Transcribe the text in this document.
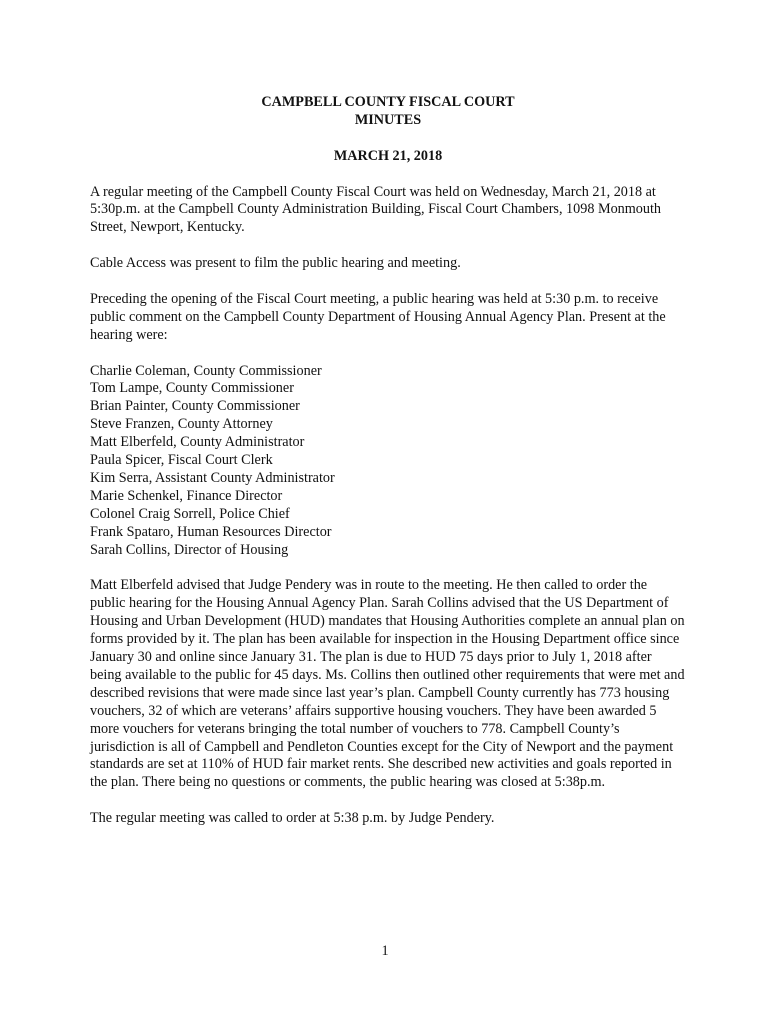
CAMPBELL COUNTY FISCAL COURT
MINUTES
MARCH 21, 2018

A regular meeting of the Campbell County Fiscal Court was held on Wednesday, March 21, 2018 at 5:30p.m. at the Campbell County Administration Building, Fiscal Court Chambers, 1098 Monmouth Street, Newport, Kentucky.

Cable Access was present to film the public hearing and meeting.

Preceding the opening of the Fiscal Court meeting, a public hearing was held at 5:30 p.m. to receive public comment on the Campbell County Department of Housing Annual Agency Plan. Present at the hearing were:

Charlie Coleman, County Commissioner
Tom Lampe, County Commissioner
Brian Painter, County Commissioner
Steve Franzen, County Attorney
Matt Elberfeld, County Administrator
Paula Spicer, Fiscal Court Clerk
Kim Serra, Assistant County Administrator
Marie Schenkel, Finance Director
Colonel Craig Sorrell, Police Chief
Frank Spataro, Human Resources Director
Sarah Collins, Director of Housing

Matt Elberfeld advised that Judge Pendery was in route to the meeting. He then called to order the public hearing for the Housing Annual Agency Plan. Sarah Collins advised that the US Department of Housing and Urban Development (HUD) mandates that Housing Authorities complete an annual plan on forms provided by it. The plan has been available for inspection in the Housing Department office since January 30 and online since January 31. The plan is due to HUD 75 days prior to July 1, 2018 after being available to the public for 45 days. Ms. Collins then outlined other requirements that were met and described revisions that were made since last year’s plan. Campbell County currently has 773 housing vouchers, 32 of which are veterans’ affairs supportive housing vouchers. They have been awarded 5 more vouchers for veterans bringing the total number of vouchers to 778. Campbell County’s jurisdiction is all of Campbell and Pendleton Counties except for the City of Newport and the payment standards are set at 110% of HUD fair market rents. She described new activities and goals reported in the plan. There being no questions or comments, the public hearing was closed at 5:38p.m.

The regular meeting was called to order at 5:38 p.m. by Judge Pendery.

1
